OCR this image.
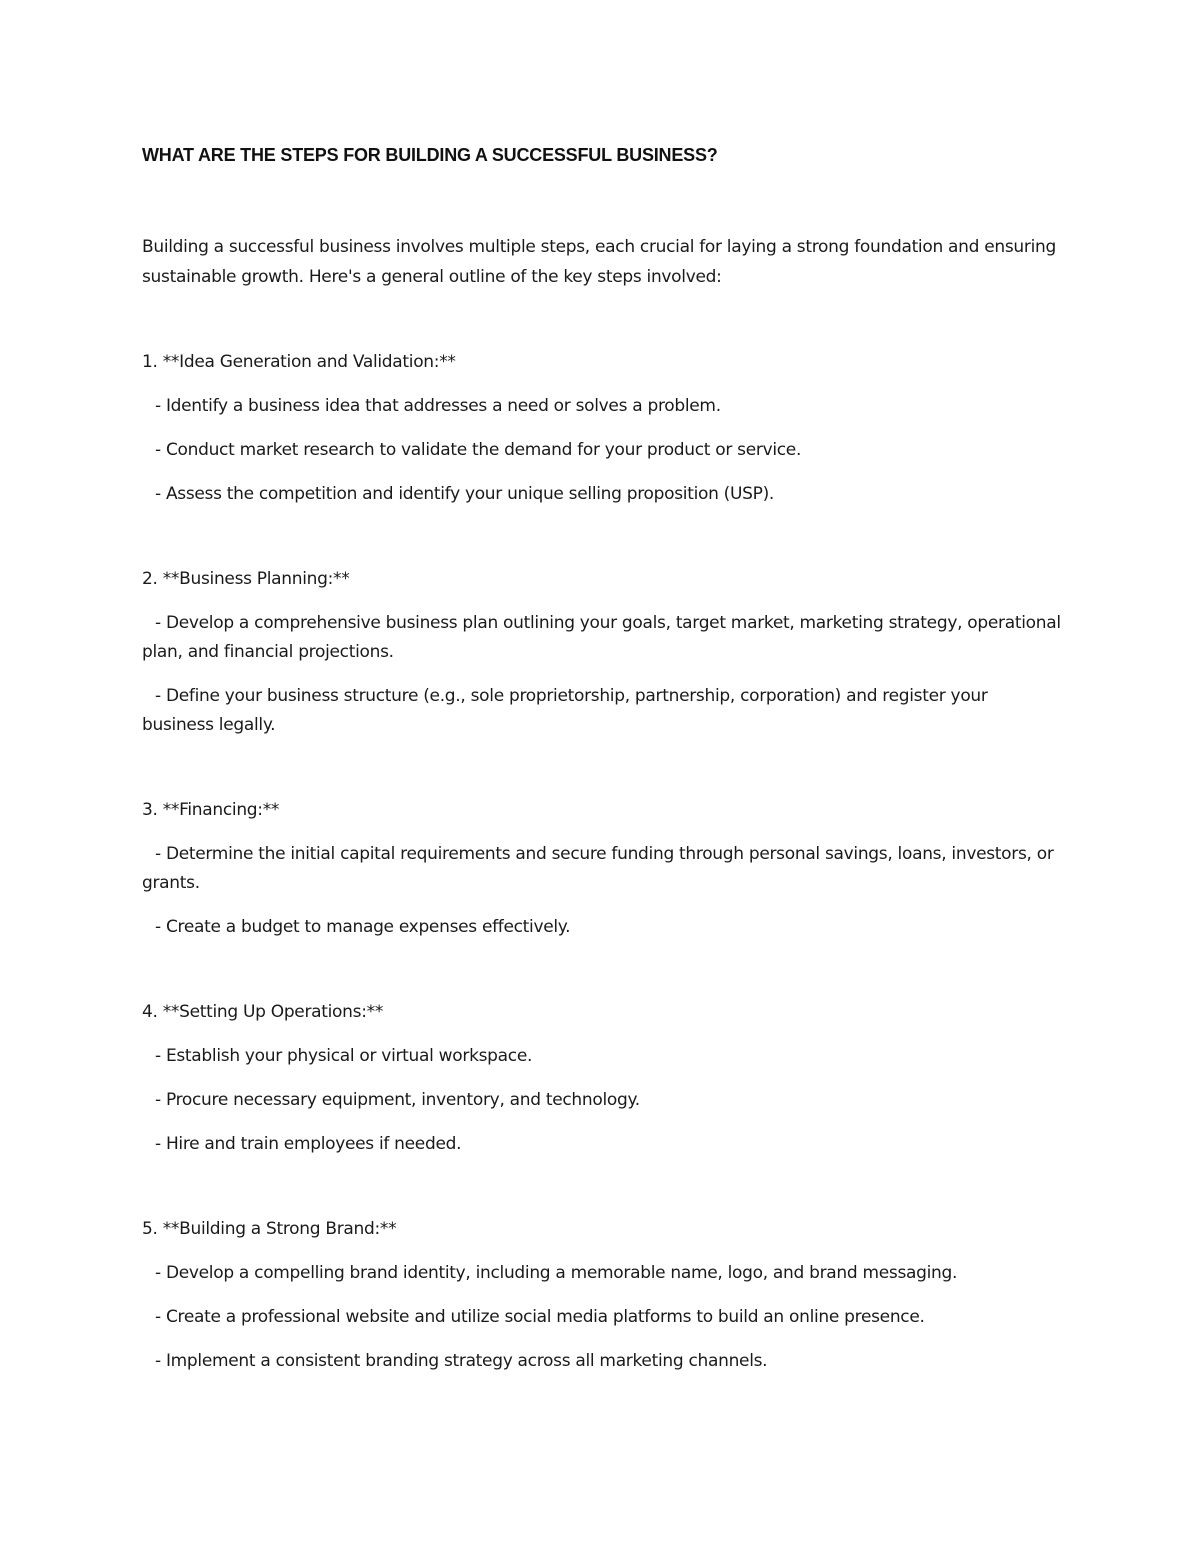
WHAT ARE THE STEPS FOR BUILDING A SUCCESSFUL BUSINESS?
Building a successful business involves multiple steps, each crucial for laying a strong foundation and ensuring sustainable growth. Here's a general outline of the key steps involved:
1. **Idea Generation and Validation:**
- Identify a business idea that addresses a need or solves a problem.
- Conduct market research to validate the demand for your product or service.
- Assess the competition and identify your unique selling proposition (USP).
2. **Business Planning:**
- Develop a comprehensive business plan outlining your goals, target market, marketing strategy, operational plan, and financial projections.
- Define your business structure (e.g., sole proprietorship, partnership, corporation) and register your business legally.
3. **Financing:**
- Determine the initial capital requirements and secure funding through personal savings, loans, investors, or grants.
- Create a budget to manage expenses effectively.
4. **Setting Up Operations:**
- Establish your physical or virtual workspace.
- Procure necessary equipment, inventory, and technology.
- Hire and train employees if needed.
5. **Building a Strong Brand:**
- Develop a compelling brand identity, including a memorable name, logo, and brand messaging.
- Create a professional website and utilize social media platforms to build an online presence.
- Implement a consistent branding strategy across all marketing channels.
